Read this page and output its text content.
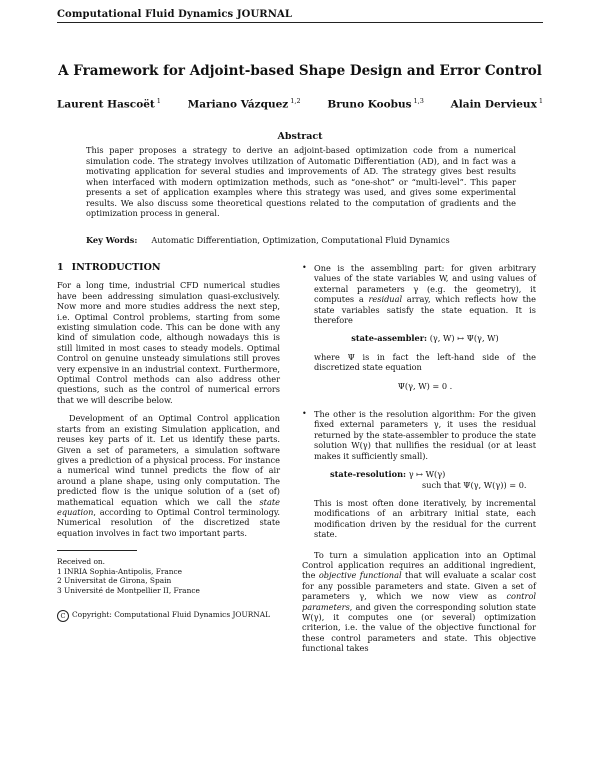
Computational Fluid Dynamics JOURNAL
A Framework for Adjoint-based Shape Design and Error Control
Laurent Hascoët $^1$	Mariano Vázquez $^{1,2}$	Bruno Koobus $^{1,3}$	Alain Dervieux $^1$
Abstract
This paper proposes a strategy to derive an adjoint-based optimization code from a numerical simulation code. The strategy involves utilization of Automatic Differentiation (AD), and in fact was a motivating application for several studies and improvements of AD. The strategy gives best results when interfaced with modern optimization methods, such as “one-shot” or “multi-level”. This paper presents a set of application examples where this strategy was used, and gives some experimental results. We also discuss some theoretical questions related to the computation of gradients and the optimization process in general.
Key Words: Automatic Differentiation, Optimization, Computational Fluid Dynamics
1 INTRODUCTION

For a long time, industrial CFD numerical studies have been addressing simulation quasi-exclusively. Now more and more studies address the next step, i.e. Optimal Control problems, starting from some existing simulation code. This can be done with any kind of simulation code, although nowadays this is still limited in most cases to steady models. Optimal Control on genuine unsteady simulations still proves very expensive in an industrial context. Furthermore, Optimal Control methods can also address other questions, such as the control of numerical errors that we will describe below.

Development of an Optimal Control application starts from an existing Simulation application, and reuses key parts of it. Let us identify these parts. Given a set of parameters, a simulation software gives a prediction of a physical process. For instance a numerical wind tunnel predicts the flow of air around a plane shape, using only computation. The predicted flow is the unique solution of a (set of) mathematical equation which we call the state equation, according to Optimal Control terminology. Numerical resolution of the discretized state equation involves in fact two important parts.

Received on.
1 INRIA Sophia-Antipolis, France
2 Universitat de Girona, Spain
3 Université de Montpellier II, France
C Copyright: Computational Fluid Dynamics JOURNAL
• One is the assembling part: for given arbitrary values of the state variables W, and using values of external parameters γ (e.g. the geometry), it computes a residual array, which reflects how the state variables satisfy the state equation. It is therefore

state-assembler: (γ, W) ↦ Ψ(γ, W)

where Ψ is in fact the left-hand side of the discretized state equation

Ψ(γ, W) = 0 .
• The other is the resolution algorithm: For the given fixed external parameters γ, it uses the residual returned by the state-assembler to produce the state solution W(γ) that nullifies the residual (or at least makes it sufficiently small).

state-resolution: γ ↦ W(γ)
such that Ψ(γ, W(γ)) = 0.

This is most often done iteratively, by incremental modifications of an arbitrary initial state, each modification driven by the residual for the current state.

To turn a simulation application into an Optimal Control application requires an additional ingredient, the objective functional that will evaluate a scalar cost for any possible parameters and state. Given a set of parameters γ, which we now view as control parameters, and given the corresponding solution state W(γ), it computes one (or several) optimization criterion, i.e. the value of the objective functional for these control parameters and state. This objective functional takes
